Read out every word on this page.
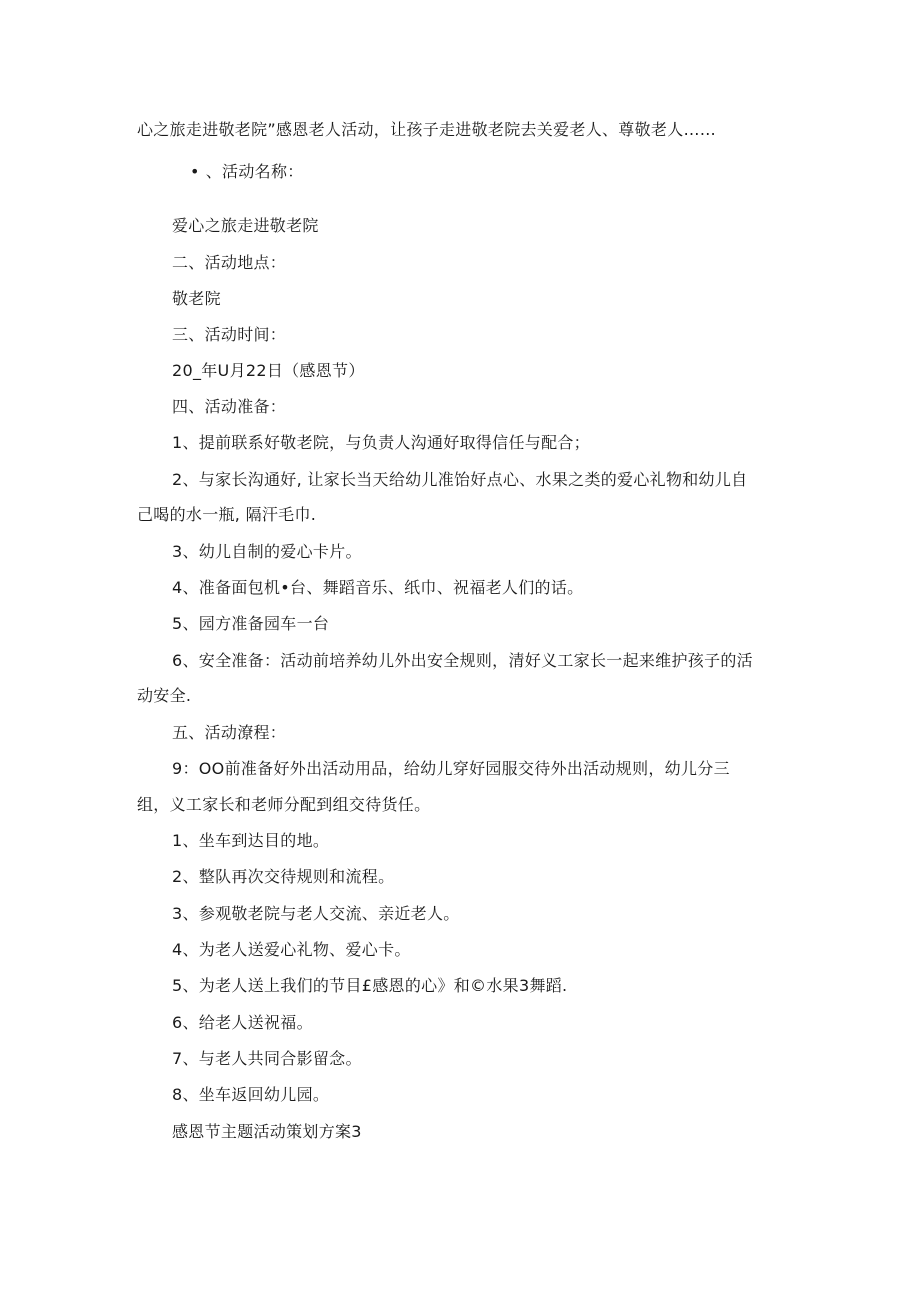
心之旅走进敬老院”感恩老人活动，让孩子走进敬老院去关爱老人、尊敬老人……
• 、活动名称：
爱心之旅走进敬老院
二、活动地点：
敬老院
三、活动时间：
20_年U月22日（感恩节）
四、活动准备：
1、提前联系好敬老院，与负责人沟通好取得信任与配合；
2、与家长沟通好, 让家长当天给幼儿准饴好点心、水果之类的爱心礼物和幼儿自
己喝的水一瓶, 隔汗毛巾.
3、幼儿自制的爱心卡片。
4、准备面包机•台、舞蹈音乐、纸巾、祝福老人们的话。
5、园方准备园车一台
6、安全准备：活动前培养幼儿外出安全规则，清好义工家长一起来维护孩子的活
动安全.
五、活动潦程：
9：OO前准备好外出活动用品，给幼儿穿好园服交待外出活动规则，幼儿分三
组，义工家长和老师分配到组交待货任。
1、坐车到达目的地。
2、整队再次交待规则和流程。
3、参观敬老院与老人交流、亲近老人。
4、为老人送爱心礼物、爱心卡。
5、为老人送上我们的节目£感恩的心》和©水果3舞蹈.
6、给老人送祝福。
7、与老人共同合影留念。
8、坐车返回幼儿园。
感恩节主题活动策划方案3
